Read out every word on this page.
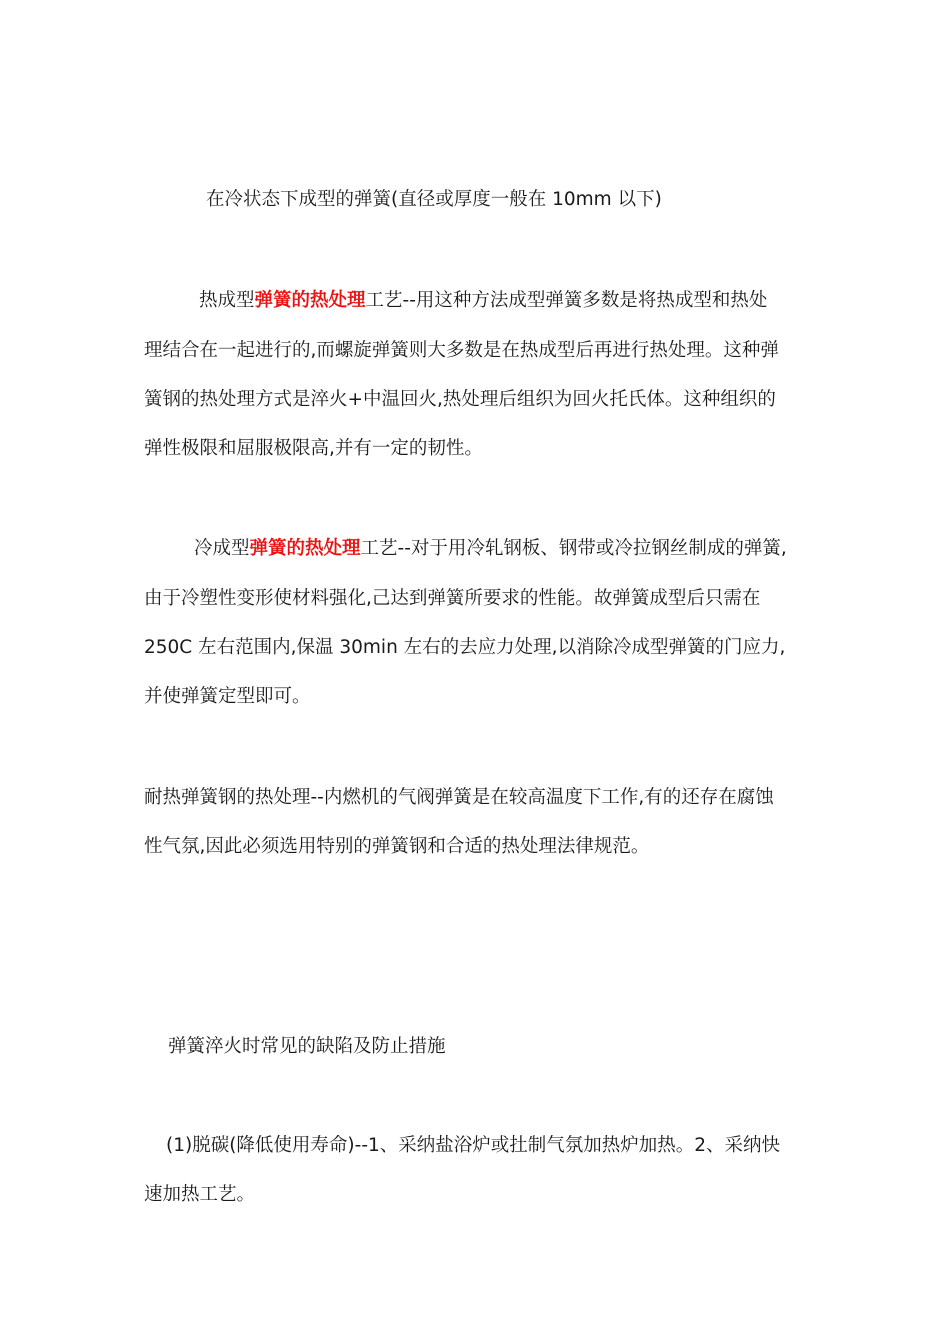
在冷状态下成型的弹簧(直径或厚度一般在 10mm 以下)
热成型弹簧的热处理工艺--用这种方法成型弹簧多数是将热成型和热处
理结合在一起进行的,而螺旋弹簧则大多数是在热成型后再进行热处理。这种弹
簧钢的热处理方式是淬火+中温回火,热处理后组织为回火托氏体。这种组织的
弹性极限和屈服极限高,并有一定的韧性。
冷成型弹簧的热处理工艺--对于用冷轧钢板、钢带或冷拉钢丝制成的弹簧,
由于冷塑性变形使材料强化,己达到弹簧所要求的性能。故弹簧成型后只需在
250C 左右范围内,保温 30min 左右的去应力处理,以消除冷成型弹簧的门应力,
并使弹簧定型即可。
耐热弹簧钢的热处理--内燃机的气阀弹簧是在较高温度下工作,有的还存在腐蚀
性气氛,因此必须选用特别的弹簧钢和合适的热处理法律规范。
弹簧淬火时常见的缺陷及防止措施
(1)脱碳(降低使用寿命)--1、采纳盐浴炉或扗制气氛加热炉加热。2、采纳快
速加热工艺。
